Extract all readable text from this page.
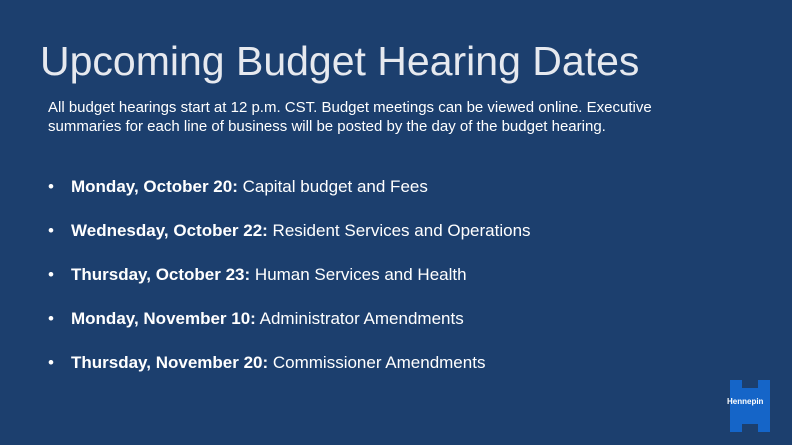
Upcoming Budget Hearing Dates
All budget hearings start at 12 p.m. CST. Budget meetings can be viewed online. Executive summaries for each line of business will be posted by the day of the budget hearing.
• Monday, October 20: Capital budget and Fees
• Wednesday, October 22: Resident Services and Operations
• Thursday, October 23: Human Services and Health
• Monday, November 10: Administrator Amendments
• Thursday, November 20: Commissioner Amendments
Hennepin
